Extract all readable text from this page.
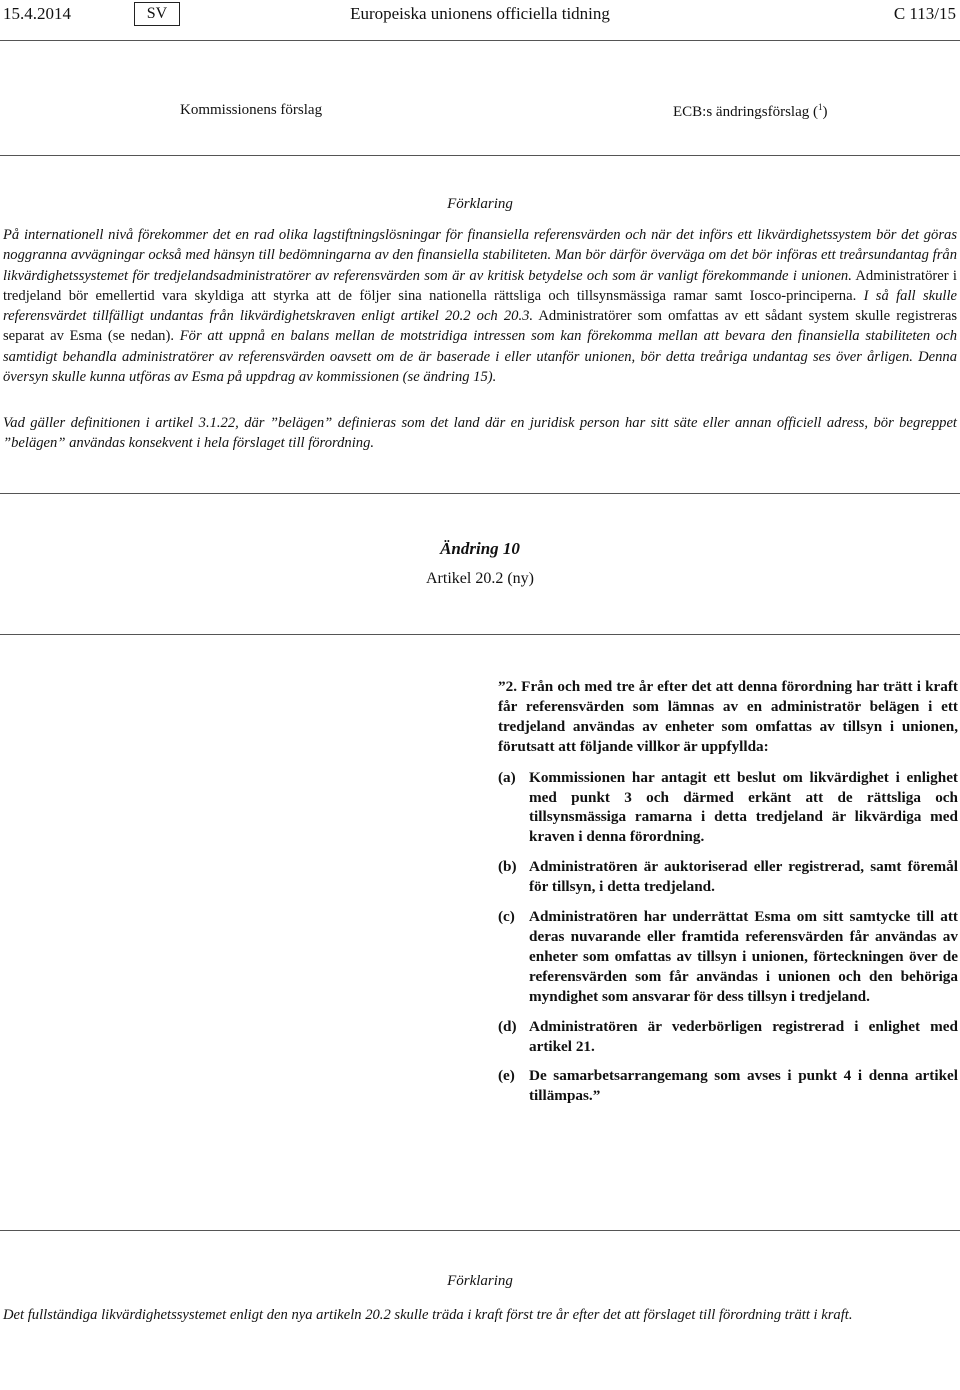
15.4.2014	SV	Europeiska unionens officiella tidning	C 113/15
Kommissionens förslag	ECB:s ändringsförslag ($^1$)
Förklaring
På internationell nivå förekommer det en rad olika lagstiftningslösningar för finansiella referensvärden och när det införs ett likvärdighetssystem bör det göras noggranna avvägningar också med hänsyn till bedömningarna av den finansiella stabiliteten. Man bör därför överväga om det bör införas ett treårsundantag från likvärdighetssystemet för tredjelandsadministratörer av referensvärden som är av kritisk betydelse och som är vanligt förekommande i unionen. Administratörer i tredjeland bör emellertid vara skyldiga att styrka att de följer sina nationella rättsliga och tillsynsmässiga ramar samt Iosco-principerna. I så fall skulle referensvärdet tillfälligt undantas från likvärdighetskraven enligt artikel 20.2 och 20.3. Administratörer som omfattas av ett sådant system skulle registreras separat av Esma (se nedan). För att uppnå en balans mellan de motstridiga intressen som kan förekomma mellan att bevara den finansiella stabiliteten och samtidigt behandla administratörer av referensvärden oavsett om de är baserade i eller utanför unionen, bör detta treåriga undantag ses över årligen. Denna översyn skulle kunna utföras av Esma på uppdrag av kommissionen (se ändring 15).
Vad gäller definitionen i artikel 3.1.22, där ”belägen” definieras som det land där en juridisk person har sitt säte eller annan officiell adress, bör begreppet ”belägen” användas konsekvent i hela förslaget till förordning.
Ändring 10
Artikel 20.2 (ny)

”2. Från och med tre år efter det att denna förordning har trätt i kraft får referensvärden som lämnas av en administratör belägen i ett tredjeland användas av enheter som omfattas av tillsyn i unionen, förutsatt att följande villkor är uppfyllda:

(a) Kommissionen har antagit ett beslut om likvärdighet i enlighet med punkt 3 och därmed erkänt att de rättsliga och tillsynsmässiga ramarna i detta tredjeland är likvärdiga med kraven i denna förordning.
(b) Administratören är auktoriserad eller registrerad, samt föremål för tillsyn, i detta tredjeland.
(c) Administratören har underrättat Esma om sitt samtycke till att deras nuvarande eller framtida referensvärden får användas av enheter som omfattas av tillsyn i unionen, förteckningen över de referensvärden som får användas i unionen och den behöriga myndighet som ansvarar för dess tillsyn i tredjeland.
(d) Administratören är vederbörligen registrerad i enlighet med artikel 21.
(e) De samarbetsarrangemang som avses i punkt 4 i denna artikel tillämpas.”
Förklaring
Det fullständiga likvärdighetssystemet enligt den nya artikeln 20.2 skulle träda i kraft först tre år efter det att förslaget till förordning trätt i kraft.
